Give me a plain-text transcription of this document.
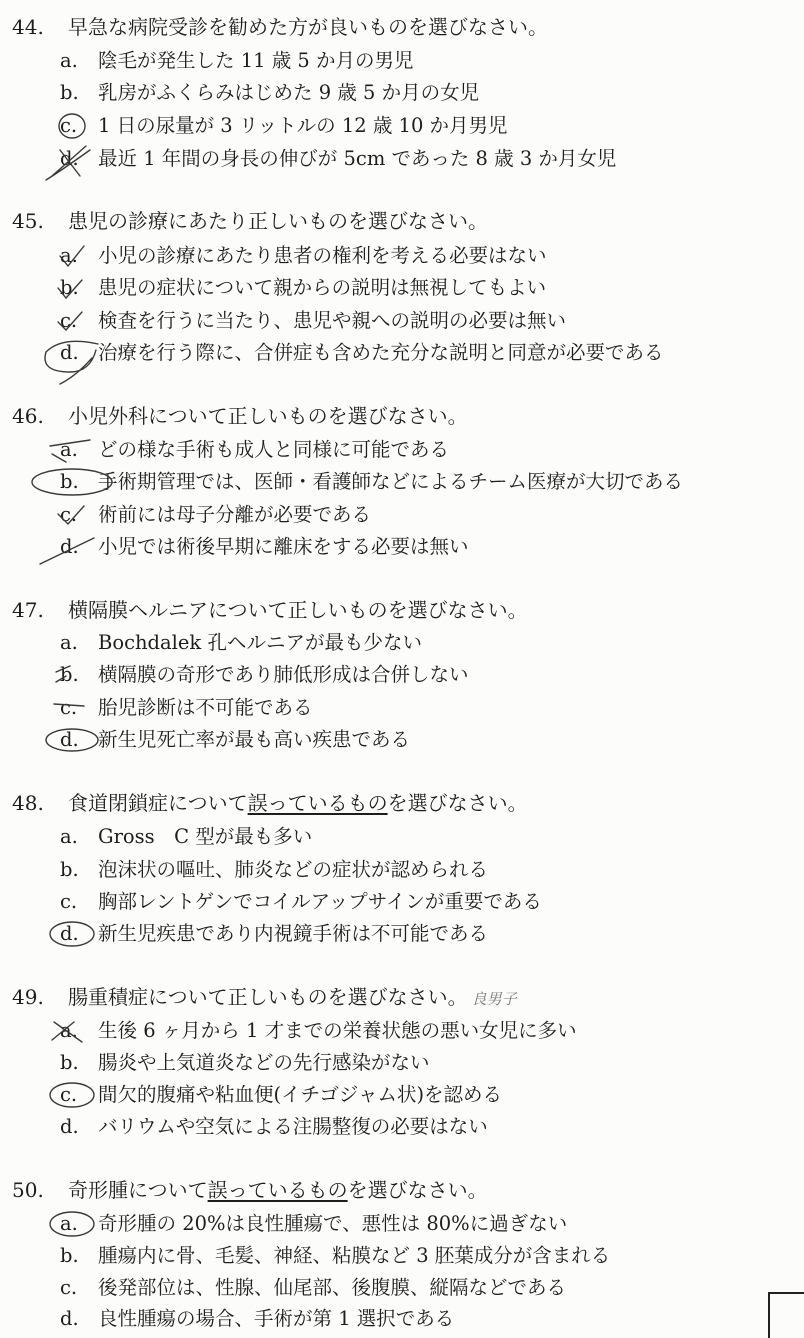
44. 早急な病院受診を勧めた方が良いものを選びなさい。
a. 陰毛が発生した 11 歳 5 か月の男児
b. 乳房がふくらみはじめた 9 歳 5 か月の女児
c. 1 日の尿量が 3 リットルの 12 歳 10 か月男児
d. 最近 1 年間の身長の伸びが 5cm であった 8 歳 3 か月女児
45. 患児の診療にあたり正しいものを選びなさい。
a. 小児の診療にあたり患者の権利を考える必要はない
b. 患児の症状について親からの説明は無視してもよい
c. 検査を行うに当たり、患児や親への説明の必要は無い
d. 治療を行う際に、合併症も含めた充分な説明と同意が必要である
46. 小児外科について正しいものを選びなさい。
a. どの様な手術も成人と同様に可能である
b. 手術期管理では、医師・看護師などによるチーム医療が大切である
c. 術前には母子分離が必要である
d. 小児では術後早期に離床をする必要は無い
47. 横隔膜ヘルニアについて正しいものを選びなさい。
a. Bochdalek 孔ヘルニアが最も少ない
b. 横隔膜の奇形であり肺低形成は合併しない
c. 胎児診断は不可能である
d. 新生児死亡率が最も高い疾患である
48. 食道閉鎖症について誤っているものを選びなさい。
a. Gross　C 型が最も多い
b. 泡沫状の嘔吐、肺炎などの症状が認められる
c. 胸部レントゲンでコイルアップサインが重要である
d. 新生児疾患であり内視鏡手術は不可能である
49. 腸重積症について正しいものを選びなさい。 良男子
a. 生後 6 ヶ月から 1 才までの栄養状態の悪い女児に多い
b. 腸炎や上気道炎などの先行感染がない
c. 間欠的腹痛や粘血便(イチゴジャム状)を認める
d. バリウムや空気による注腸整復の必要はない
50. 奇形腫について誤っているものを選びなさい。
a. 奇形腫の 20%は良性腫瘍で、悪性は 80%に過ぎない
b. 腫瘍内に骨、毛髪、神経、粘膜など 3 胚葉成分が含まれる
c. 後発部位は、性腺、仙尾部、後腹膜、縦隔などである
d. 良性腫瘍の場合、手術が第 1 選択である
